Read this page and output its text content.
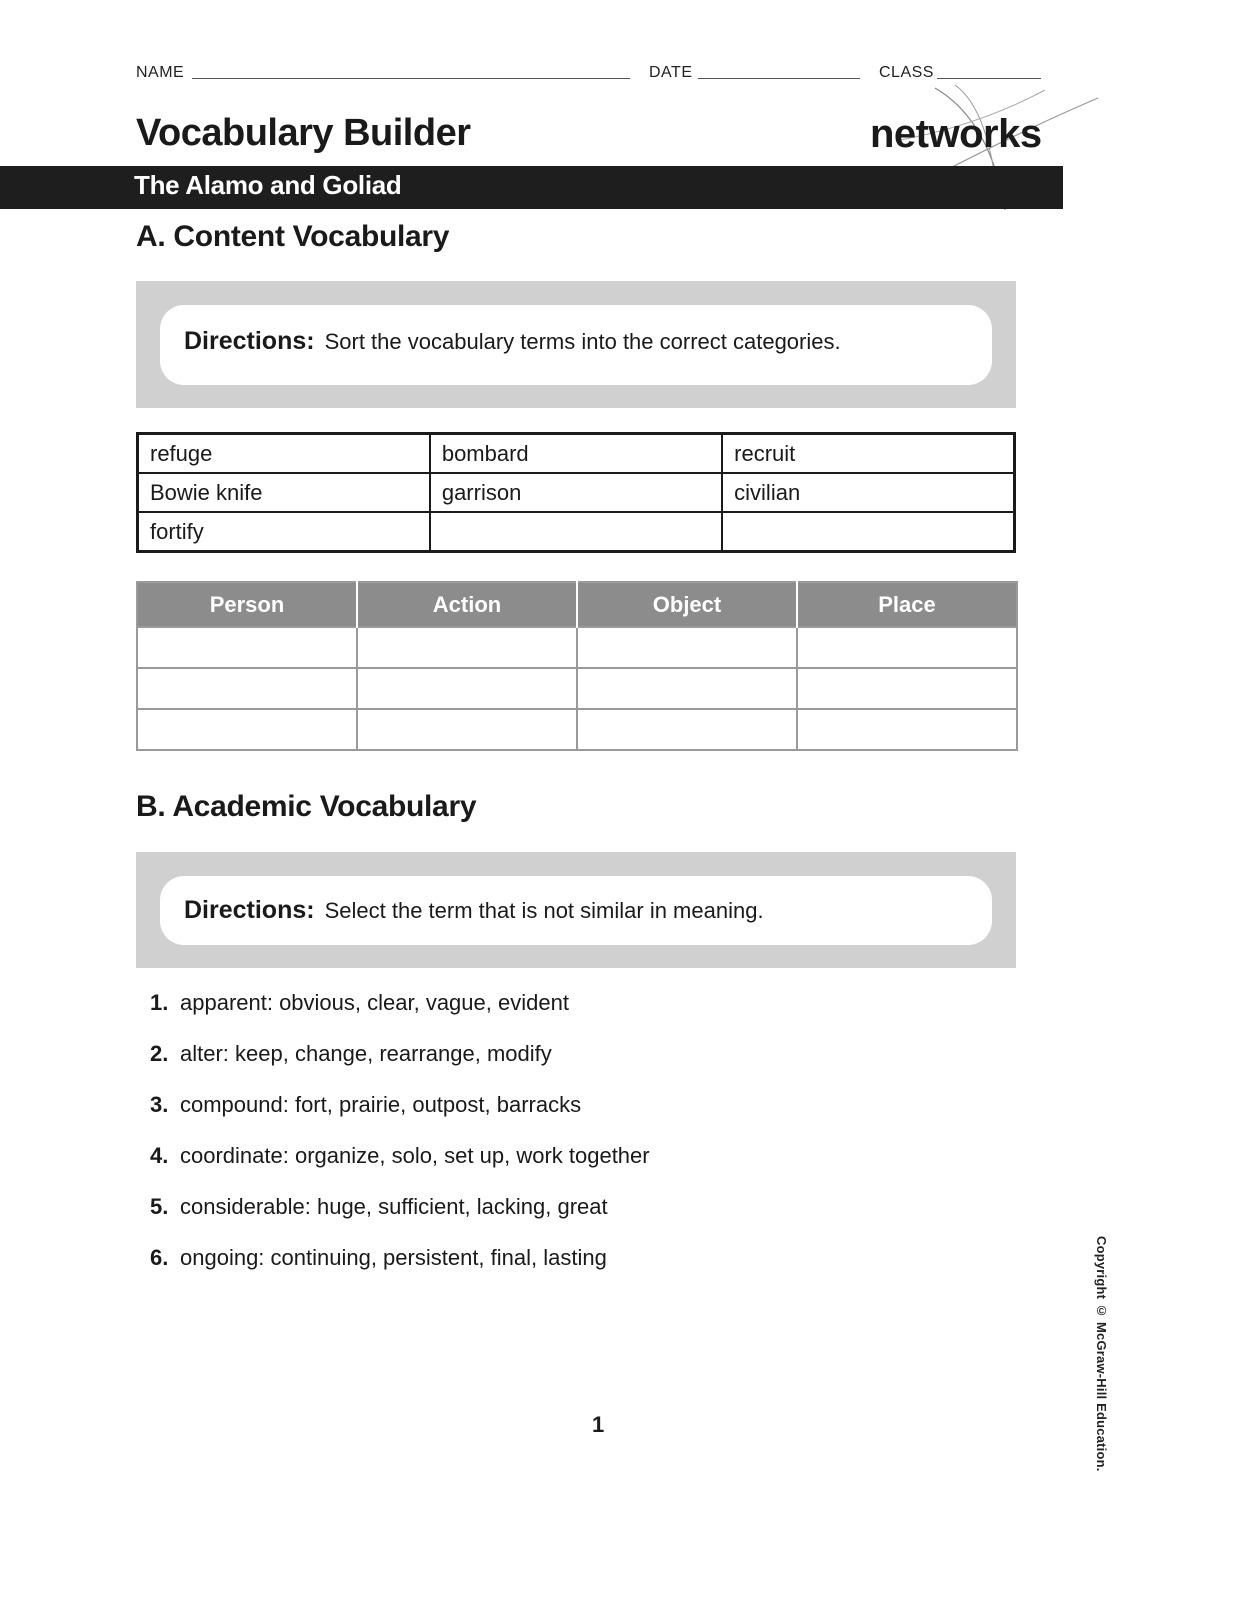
NAME	DATE	CLASS
Vocabulary Builder	networks
The Alamo and Goliad
A. Content Vocabulary
Directions: Sort the vocabulary terms into the correct categories.
refuge	bombard	recruit
Bowie knife	garrison	civilian
fortify		
Person	Action	Object	Place

B. Academic Vocabulary
Directions: Select the term that is not similar in meaning.
1. apparent: obvious, clear, vague, evident
2. alter: keep, change, rearrange, modify
3. compound: fort, prairie, outpost, barracks
4. coordinate: organize, solo, set up, work together
5. considerable: huge, sufficient, lacking, great
6. ongoing: continuing, persistent, final, lasting
1	Copyright © McGraw-Hill Education.
